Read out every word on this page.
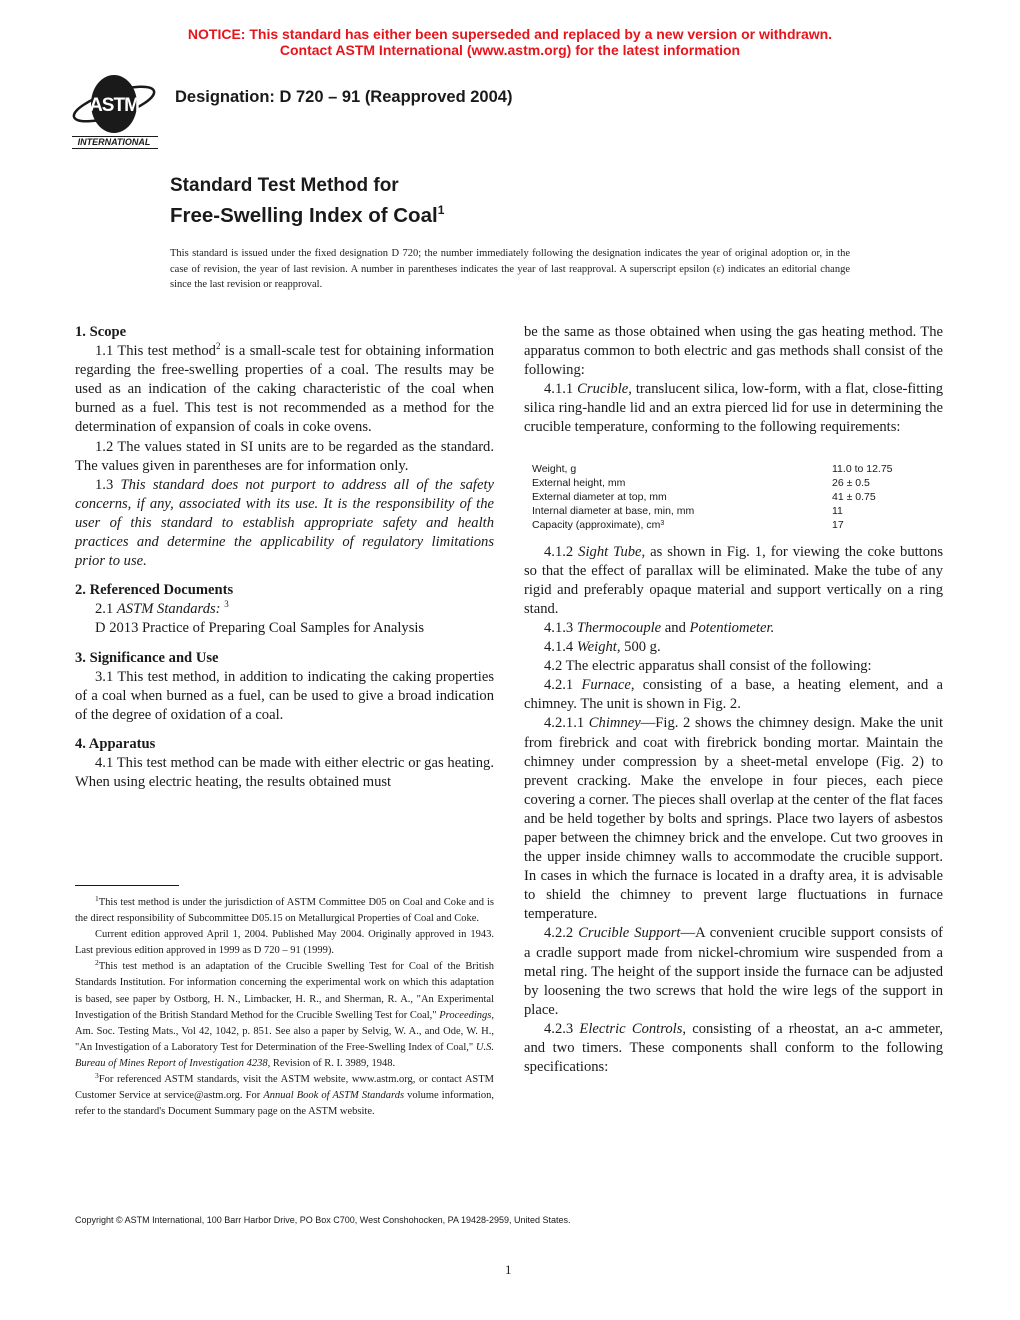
NOTICE: This standard has either been superseded and replaced by a new version or withdrawn.
Contact ASTM International (www.astm.org) for the latest information
ASTM
INTERNATIONAL
Designation: D 720 – 91 (Reapproved 2004)
Standard Test Method for
Free-Swelling Index of Coal$^1$
This standard is issued under the fixed designation D 720; the number immediately following the designation indicates the year of original adoption or, in the case of revision, the year of last revision. A number in parentheses indicates the year of last reapproval. A superscript epsilon (ε) indicates an editorial change since the last revision or reapproval.
1. Scope

1.1 This test method$^2$ is a small-scale test for obtaining information regarding the free-swelling properties of a coal. The results may be used as an indication of the caking characteristic of the coal when burned as a fuel. This test is not recommended as a method for the determination of expansion of coals in coke ovens.

1.2 The values stated in SI units are to be regarded as the standard. The values given in parentheses are for information only.

1.3 This standard does not purport to address all of the safety concerns, if any, associated with its use. It is the responsibility of the user of this standard to establish appropriate safety and health practices and determine the applicability of regulatory limitations prior to use.

2. Referenced Documents

2.1 ASTM Standards: $^3$

D 2013 Practice of Preparing Coal Samples for Analysis

3. Significance and Use

3.1 This test method, in addition to indicating the caking properties of a coal when burned as a fuel, can be used to give a broad indication of the degree of oxidation of a coal.

4. Apparatus

4.1 This test method can be made with either electric or gas heating. When using electric heating, the results obtained must

$^1$This test method is under the jurisdiction of ASTM Committee D05 on Coal and Coke and is the direct responsibility of Subcommittee D05.15 on Metallurgical Properties of Coal and Coke.

Current edition approved April 1, 2004. Published May 2004. Originally approved in 1943. Last previous edition approved in 1999 as D 720 – 91 (1999).

$^2$This test method is an adaptation of the Crucible Swelling Test for Coal of the British Standards Institution. For information concerning the experimental work on which this adaptation is based, see paper by Ostborg, H. N., Limbacker, H. R., and Sherman, R. A., "An Experimental Investigation of the British Standard Method for the Crucible Swelling Test for Coal," Proceedings, Am. Soc. Testing Mats., Vol 42, 1042, p. 851. See also a paper by Selvig, W. A., and Ode, W. H., "An Investigation of a Laboratory Test for Determination of the Free-Swelling Index of Coal," U.S. Bureau of Mines Report of Investigation 4238, Revision of R. I. 3989, 1948.

$^3$For referenced ASTM standards, visit the ASTM website, www.astm.org, or contact ASTM Customer Service at service@astm.org. For Annual Book of ASTM Standards volume information, refer to the standard's Document Summary page on the ASTM website.

be the same as those obtained when using the gas heating method. The apparatus common to both electric and gas methods shall consist of the following:

4.1.1 Crucible, translucent silica, low-form, with a flat, close-fitting silica ring-handle lid and an extra pierced lid for use in determining the crucible temperature, conforming to the following requirements:

4.1.2 Sight Tube, as shown in Fig. 1, for viewing the coke buttons so that the effect of parallax will be eliminated. Make the tube of any rigid and preferably opaque material and support vertically on a ring stand.

4.1.3 Thermocouple and Potentiometer.

4.1.4 Weight, 500 g.

4.2 The electric apparatus shall consist of the following:

4.2.1 Furnace, consisting of a base, a heating element, and a chimney. The unit is shown in Fig. 2.

4.2.1.1 Chimney—Fig. 2 shows the chimney design. Make the unit from firebrick and coat with firebrick bonding mortar. Maintain the chimney under compression by a sheet-metal envelope (Fig. 2) to prevent cracking. Make the envelope in four pieces, each piece covering a corner. The pieces shall overlap at the center of the flat faces and be held together by bolts and springs. Place two layers of asbestos paper between the chimney brick and the envelope. Cut two grooves in the upper inside chimney walls to accommodate the crucible support. In cases in which the furnace is located in a drafty area, it is advisable to shield the chimney to prevent large fluctuations in furnace temperature.

4.2.2 Crucible Support—A convenient crucible support consists of a cradle support made from nickel-chromium wire suspended from a metal ring. The height of the support inside the furnace can be adjusted by loosening the two screws that hold the wire legs of the support in place.

4.2.3 Electric Controls, consisting of a rheostat, an a-c ammeter, and two timers. These components shall conform to the following specifications:

Weight, g	11.0 to 12.75
External height, mm	26 ± 0.5
External diameter at top, mm	41 ± 0.75
Internal diameter at base, min, mm	11
Capacity (approximate), $cm^3$	17
Copyright © ASTM International, 100 Barr Harbor Drive, PO Box C700, West Conshohocken, PA 19428-2959, United States.
1
